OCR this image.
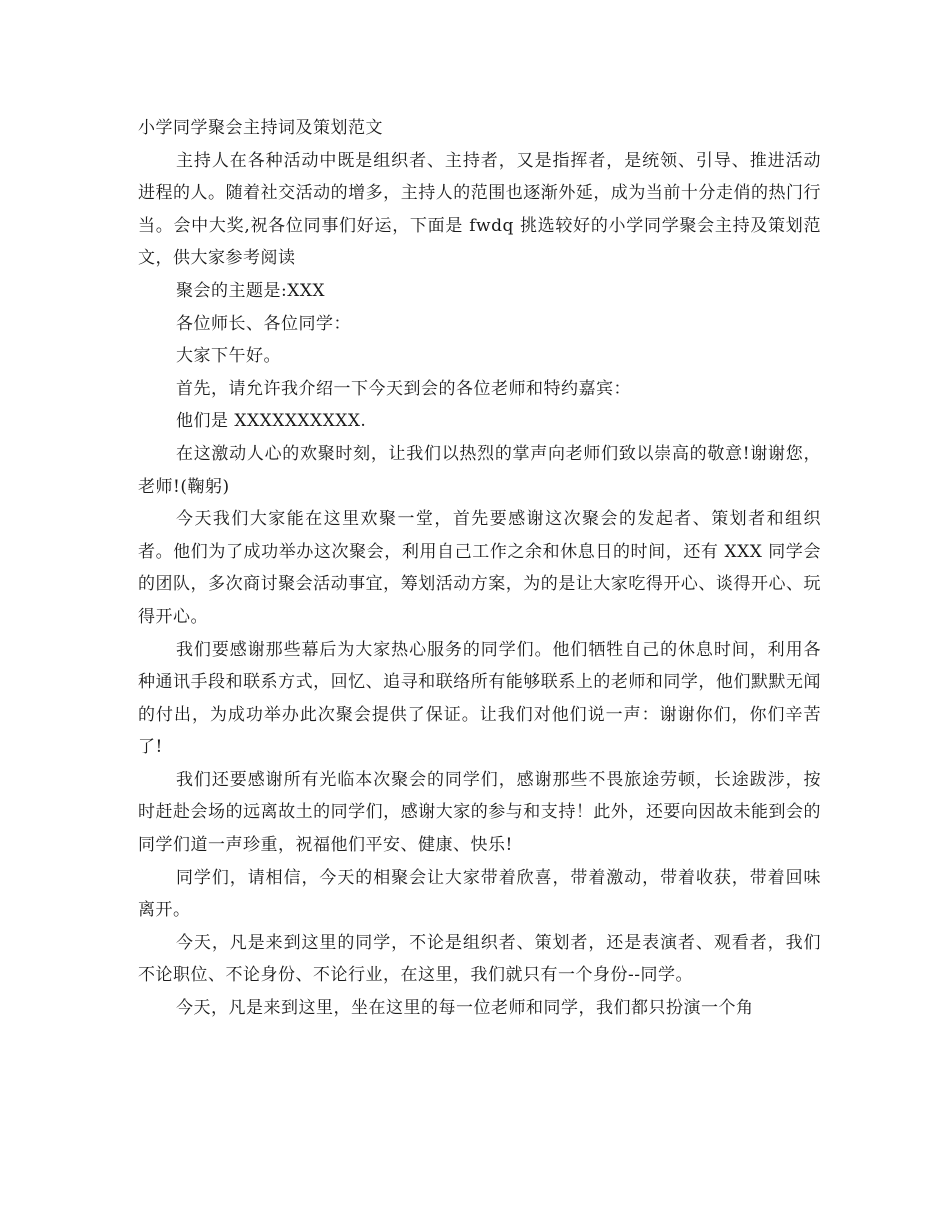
小学同学聚会主持词及策划范文

主持人在各种活动中既是组织者、主持者，又是指挥者，是统领、引导、推进活动进程的人。随着社交活动的增多，主持人的范围也逐渐外延，成为当前十分走俏的热门行当。会中大奖,祝各位同事们好运，下面是 fwdq 挑选较好的小学同学聚会主持及策划范文，供大家参考阅读

聚会的主题是:XXX

各位师长、各位同学：

大家下午好。

首先，请允许我介绍一下今天到会的各位老师和特约嘉宾：

他们是 XXXXXXXXXX.

在这激动人心的欢聚时刻，让我们以热烈的掌声向老师们致以崇高的敬意!谢谢您，老师!(鞠躬)

今天我们大家能在这里欢聚一堂，首先要感谢这次聚会的发起者、策划者和组织者。他们为了成功举办这次聚会，利用自己工作之余和休息日的时间，还有 XXX 同学会的团队，多次商讨聚会活动事宜，筹划活动方案，为的是让大家吃得开心、谈得开心、玩得开心。

我们要感谢那些幕后为大家热心服务的同学们。他们牺牲自己的休息时间，利用各种通讯手段和联系方式，回忆、追寻和联络所有能够联系上的老师和同学，他们默默无闻的付出，为成功举办此次聚会提供了保证。让我们对他们说一声：谢谢你们，你们辛苦了!

我们还要感谢所有光临本次聚会的同学们，感谢那些不畏旅途劳顿，长途跋涉，按时赶赴会场的远离故土的同学们，感谢大家的参与和支持！此外，还要向因故未能到会的同学们道一声珍重，祝福他们平安、健康、快乐!

同学们，请相信，今天的相聚会让大家带着欣喜，带着激动，带着收获，带着回味离开。

今天，凡是来到这里的同学，不论是组织者、策划者，还是表演者、观看者，我们不论职位、不论身份、不论行业，在这里，我们就只有一个身份--同学。

今天，凡是来到这里，坐在这里的每一位老师和同学，我们都只扮演一个角
